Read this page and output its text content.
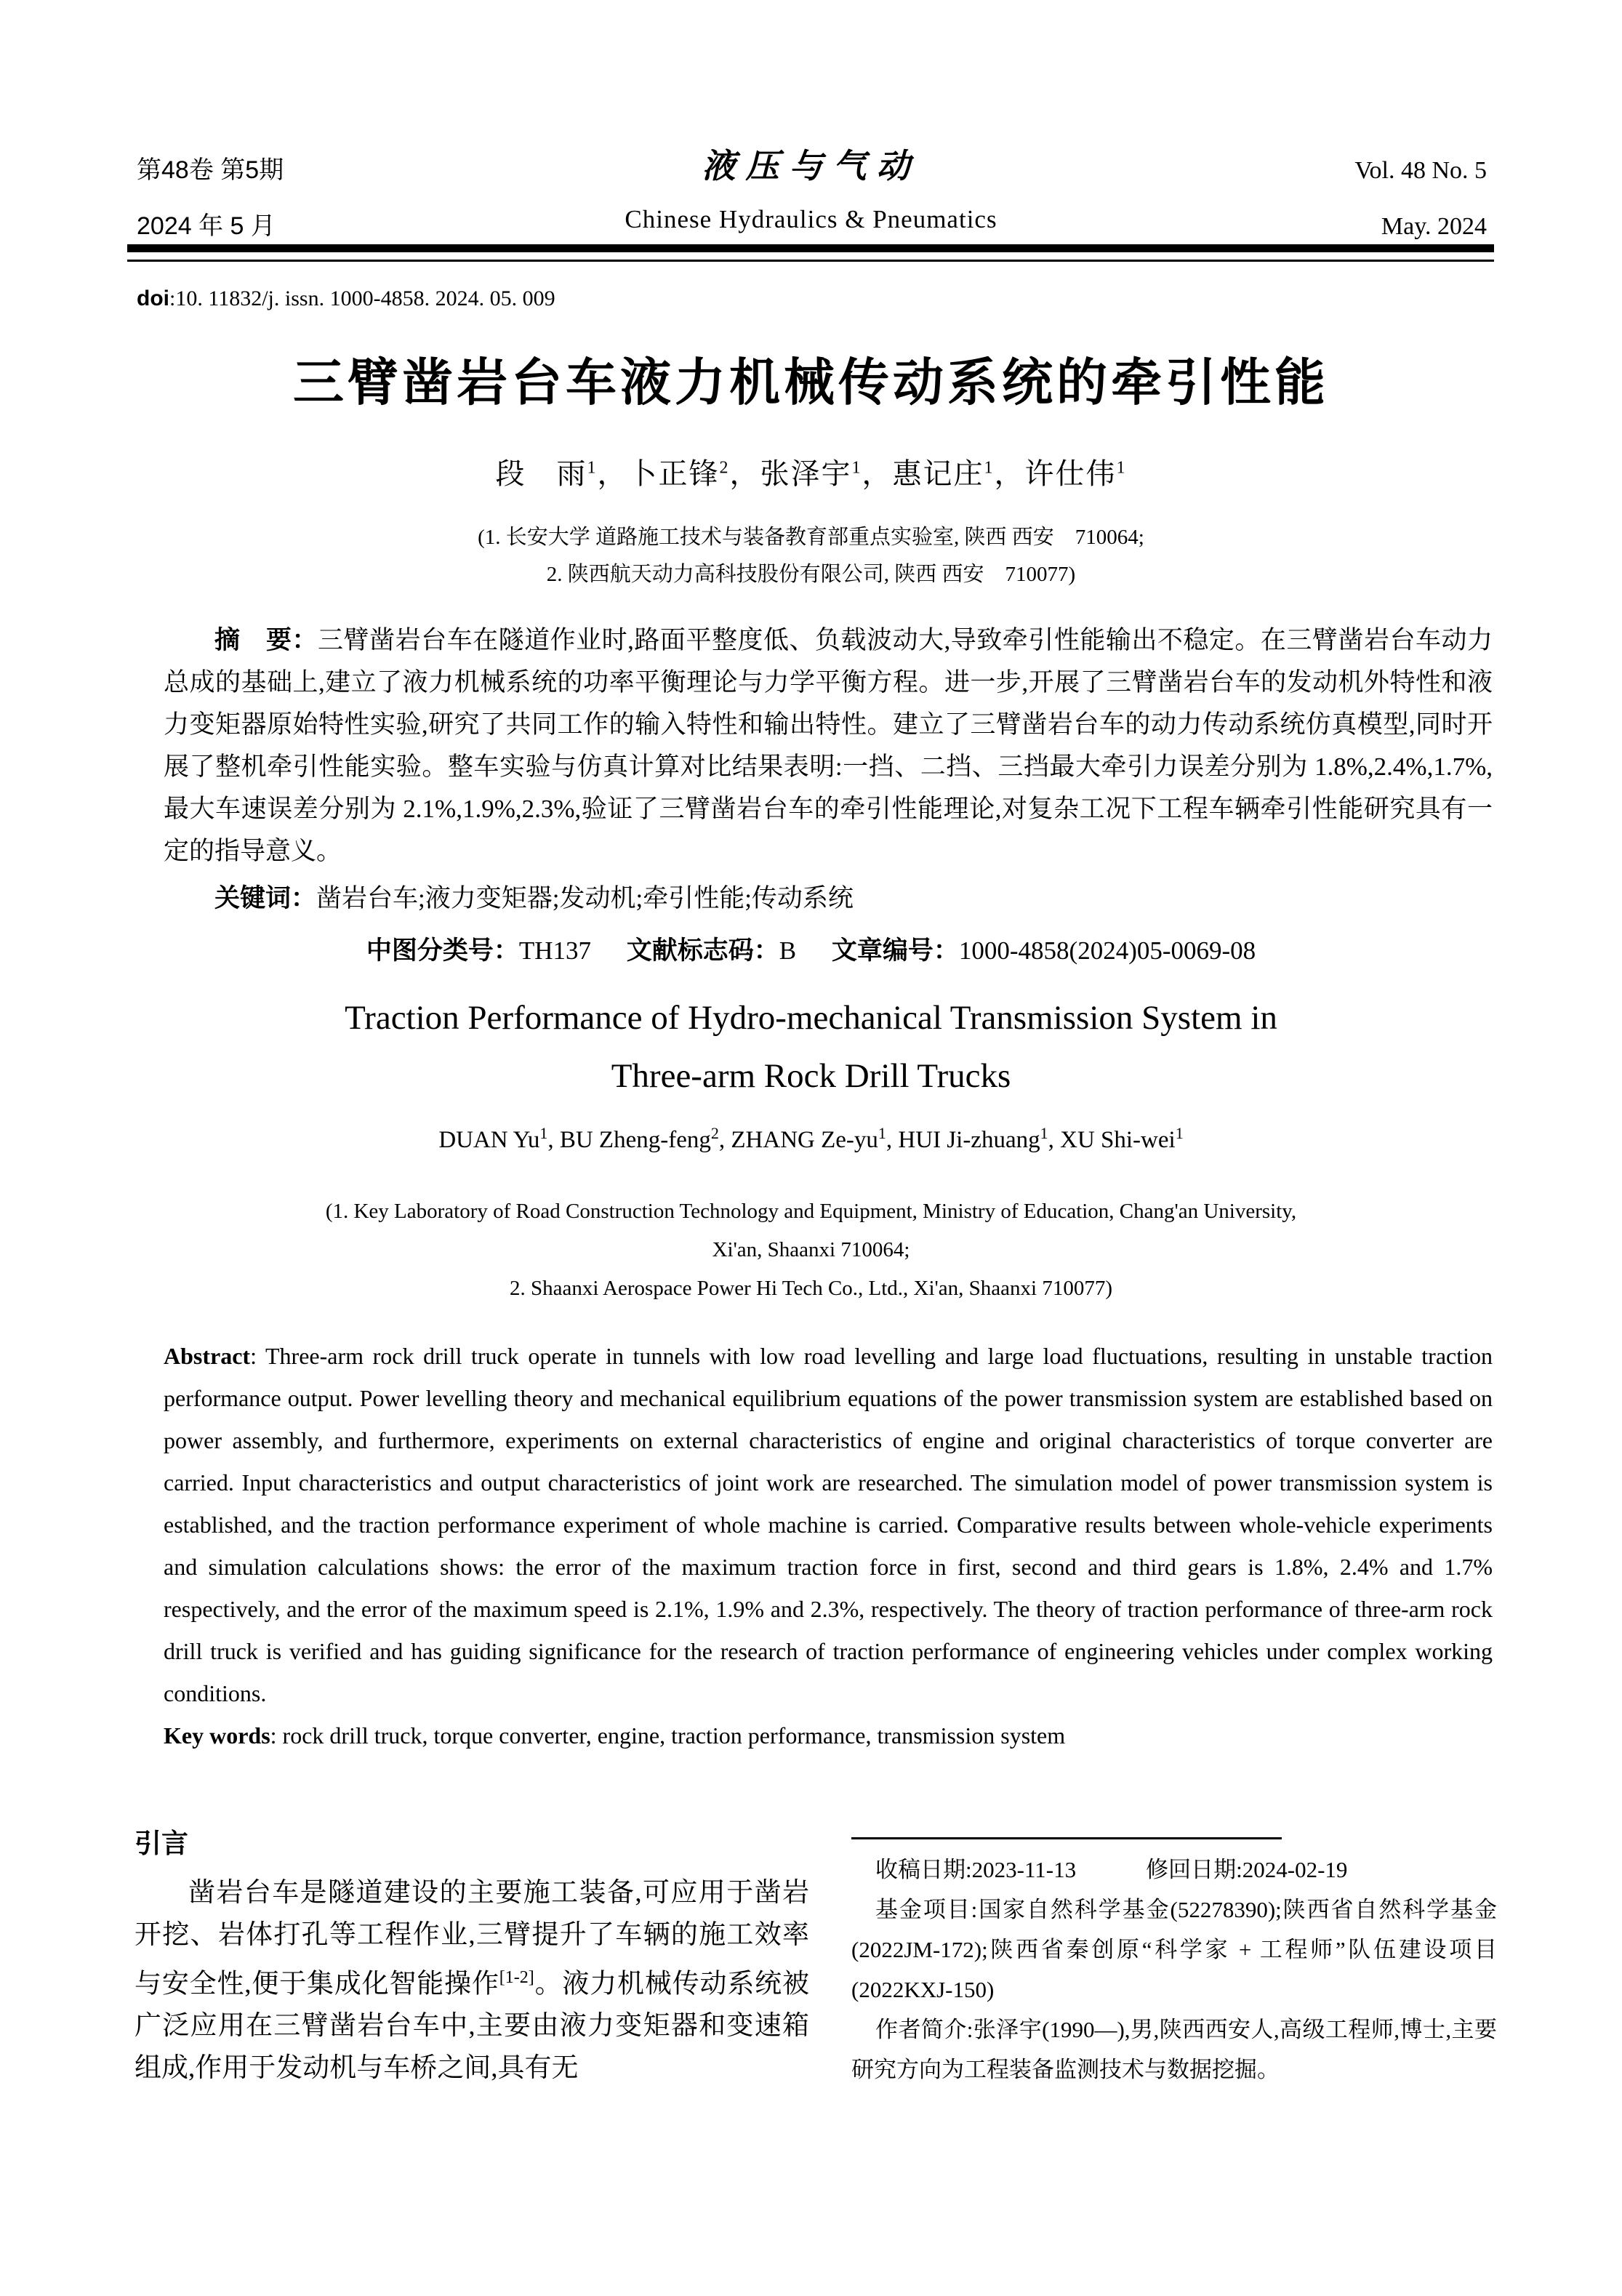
第48卷 第5期
2024 年 5 月
液压与气动
Chinese Hydraulics & Pneumatics
Vol. 48 No. 5
May. 2024
doi:10. 11832/j. issn. 1000-4858. 2024. 05. 009
三臂凿岩台车液力机械传动系统的牵引性能
段　雨$^1$，卜正锋$^2$，张泽宇$^1$，惠记庄$^1$，许仕伟$^1$
(1. 长安大学 道路施工技术与装备教育部重点实验室, 陕西 西安　710064;
2. 陕西航天动力高科技股份有限公司, 陕西 西安　710077)
摘　要：三臂凿岩台车在隧道作业时,路面平整度低、负载波动大,导致牵引性能输出不稳定。在三臂凿岩台车动力总成的基础上,建立了液力机械系统的功率平衡理论与力学平衡方程。进一步,开展了三臂凿岩台车的发动机外特性和液力变矩器原始特性实验,研究了共同工作的输入特性和输出特性。建立了三臂凿岩台车的动力传动系统仿真模型,同时开展了整机牵引性能实验。整车实验与仿真计算对比结果表明:一挡、二挡、三挡最大牵引力误差分别为 1.8%,2.4%,1.7%,最大车速误差分别为 2.1%,1.9%,2.3%,验证了三臂凿岩台车的牵引性能理论,对复杂工况下工程车辆牵引性能研究具有一定的指导意义。
关键词：凿岩台车;液力变矩器;发动机;牵引性能;传动系统
中图分类号：TH137 文献标志码：B 文章编号：1000-4858(2024)05-0069-08
Traction Performance of Hydro-mechanical Transmission System in
Three-arm Rock Drill Trucks
DUAN Yu$^1$, BU Zheng-feng$^2$, ZHANG $Ze-yu^1$, HUI Ji-zhuang$^1$, XU Shi-wei$^1$
(1. Key Laboratory of Road Construction Technology and Equipment, Ministry of Education, Chang'an University,
Xi'an, Shaanxi 710064;
2. Shaanxi Aerospace Power Hi Tech Co., Ltd., Xi'an, Shaanxi 710077)

Abstract: Three-arm rock drill truck operate in tunnels with low road levelling and large load fluctuations, resulting in unstable traction performance output. Power levelling theory and mechanical equilibrium equations of the power transmission system are established based on power assembly, and furthermore, experiments on external characteristics of engine and original characteristics of torque converter are carried. Input characteristics and output characteristics of joint work are researched. The simulation model of power transmission system is established, and the traction performance experiment of whole machine is carried. Comparative results between whole-vehicle experiments and simulation calculations shows: the error of the maximum traction force in first, second and third gears is 1.8%, 2.4% and 1.7% respectively, and the error of the maximum speed is 2.1%, 1.9% and 2.3%, respectively. The theory of traction performance of three-arm rock drill truck is verified and has guiding significance for the research of traction performance of engineering vehicles under complex working conditions.

Key words: rock drill truck, torque converter, engine, traction performance, transmission system

引言

凿岩台车是隧道建设的主要施工装备,可应用于凿岩开挖、岩体打孔等工程作业,三臂提升了车辆的施工效率与安全性,便于集成化智能操作[1-2]。液力机械传动系统被广泛应用在三臂凿岩台车中,主要由液力变矩器和变速箱组成,作用于发动机与车桥之间,具有无

收稿日期:2023-11-13	修回日期:2024-02-19

基金项目:国家自然科学基金(52278390);陕西省自然科学基金(2022JM-172);陕西省秦创原“科学家 + 工程师”队伍建设项目(2022KXJ-150)

作者简介:张泽宇(1990—),男,陕西西安人,高级工程师,博士,主要研究方向为工程装备监测技术与数据挖掘。
